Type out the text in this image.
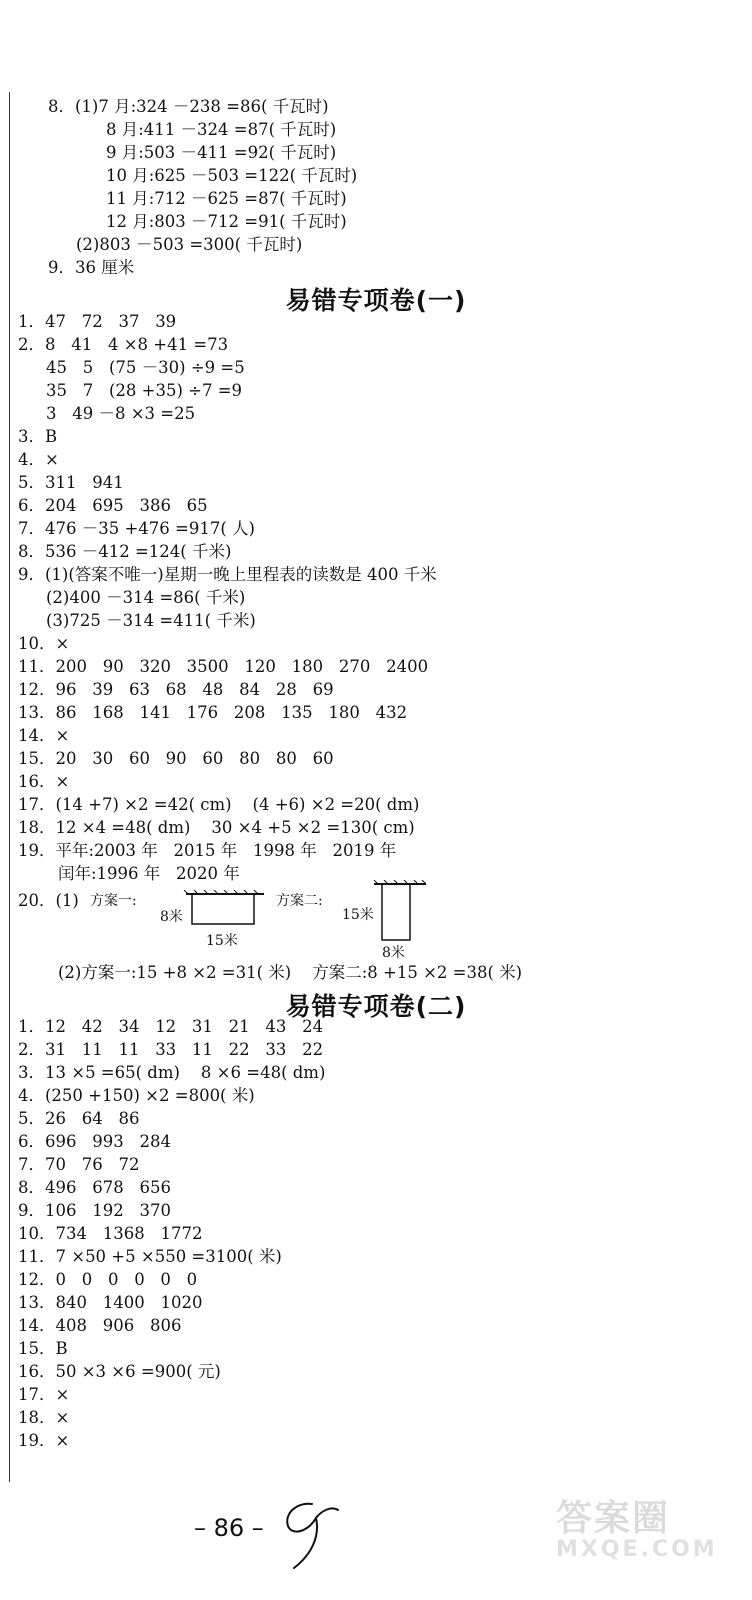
8．(1)7 月:324 －238 =86( 千瓦时)
8 月:411 －324 =87( 千瓦时)
9 月:503 －411 =92( 千瓦时)
10 月:625 －503 =122( 千瓦时)
11 月:712 －625 =87( 千瓦时)
12 月:803 －712 =91( 千瓦时)
(2)803 －503 =300( 千瓦时)
9．36 厘米
易错专项卷(一)
1．47   72   37   39
2．8   41   4 ×8 +41 =73
45   5   (75 －30) ÷9 =5
35   7   (28 +35) ÷7 =9
3   49 －8 ×3 =25
3．B
4．×
5．311   941
6．204   695   386   65
7．476 －35 +476 =917( 人)
8．536 －412 =124( 千米)
9．(1)(答案不唯一)星期一晚上里程表的读数是 400 千米
(2)400 －314 =86( 千米)
(3)725 －314 =411( 千米)
10．×
11．200   90   320   3500   120   180   270   2400
12．96   39   63   68   48   84   28   69
13．86   168   141   176   208   135   180   432
14．×
15．20   30   60   90   60   80   80   60
16．×
17．(14 +7) ×2 =42( cm)    (4 +6) ×2 =20( dm)
18．12 ×4 =48( dm)    30 ×4 +5 ×2 =130( cm)
19．平年:2003 年   2015 年   1998 年   2019 年
闰年:1996 年   2020 年
20．(1) 方案一:
8米
15米
方案二:
15米
8米
(2)方案一:15 +8 ×2 =31( 米)    方案二:8 +15 ×2 =38( 米)
易错专项卷(二)
1．12   42   34   12   31   21   43   24
2．31   11   11   33   11   22   33   22
3．13 ×5 =65( dm)    8 ×6 =48( dm)
4．(250 +150) ×2 =800( 米)
5．26   64   86
6．696   993   284
7．70   76   72
8．496   678   656
9．106   192   370
10．734   1368   1772
11．7 ×50 +5 ×550 =3100( 米)
12．0   0   0   0   0   0
13．840   1400   1020
14．408   906   806
15．B
16．50 ×3 ×6 =900( 元)
17．×
18．×
19．×
– 86 –	答案圈
MXQE.COM
